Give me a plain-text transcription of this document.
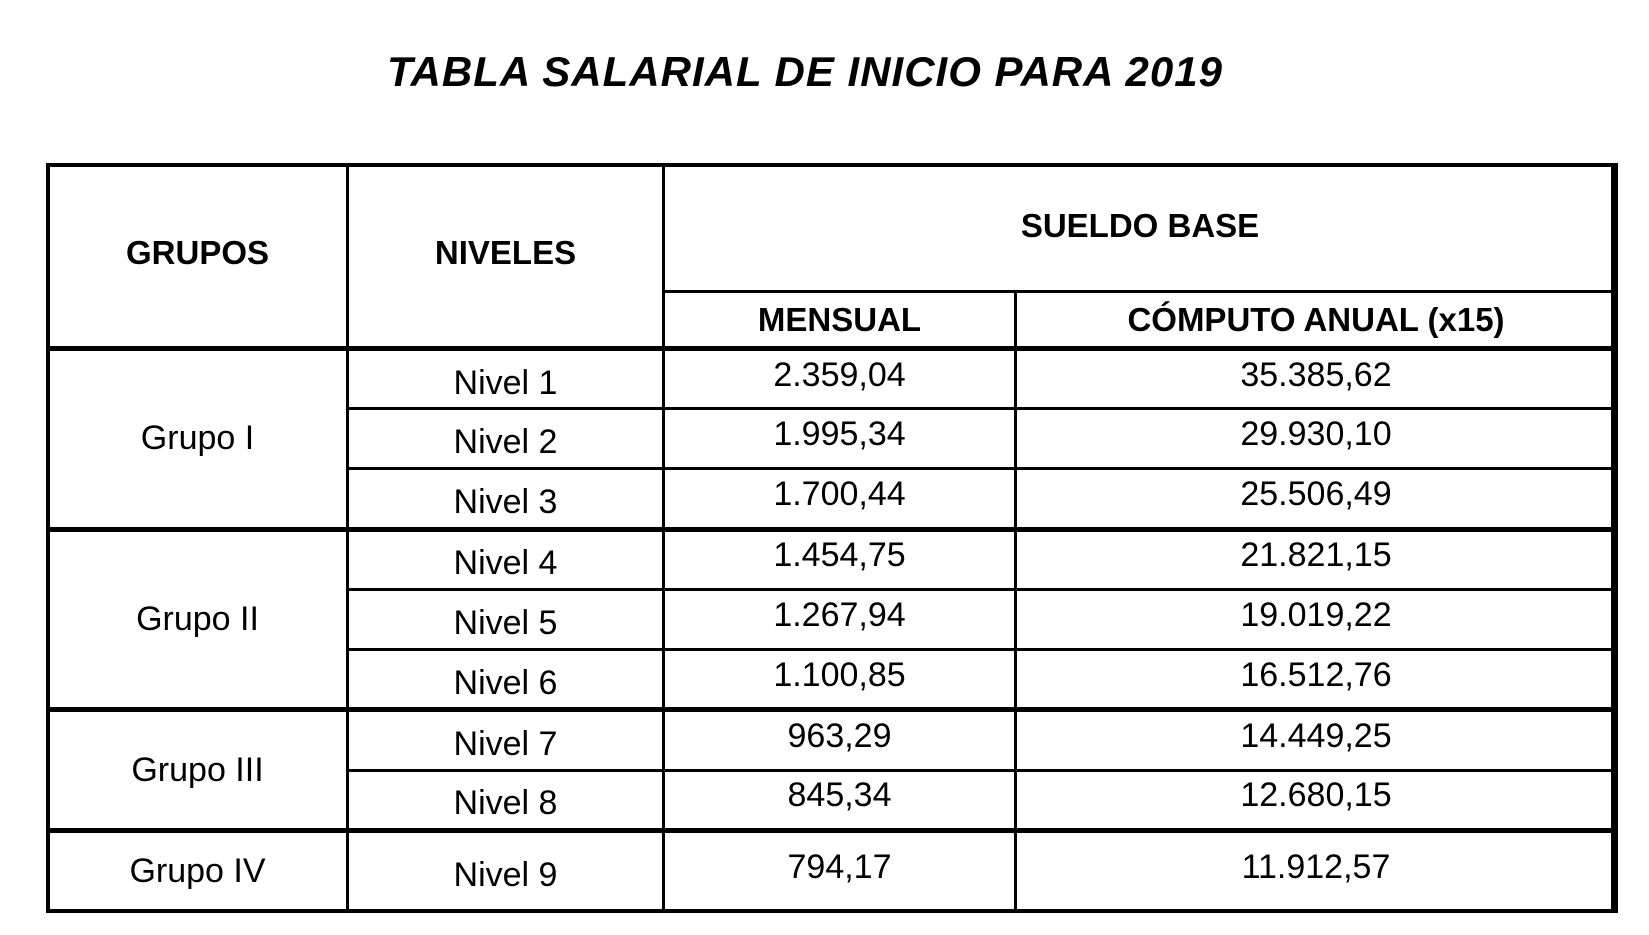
TABLA SALARIAL DE INICIO PARA 2019
GRUPOS	NIVELES	SUELDO BASE	
		MENSUAL	CÓMPUTO ANUAL (x15)
Grupo I	Nivel 1	2.359,04	35.385,62
	Nivel 2	1.995,34	29.930,10
	Nivel 3	1.700,44	25.506,49
Grupo II	Nivel 4	1.454,75	21.821,15
	Nivel 5	1.267,94	19.019,22
	Nivel 6	1.100,85	16.512,76
Grupo III	Nivel 7	963,29	14.449,25
	Nivel 8	845,34	12.680,15
Grupo IV	Nivel 9	794,17	11.912,57
